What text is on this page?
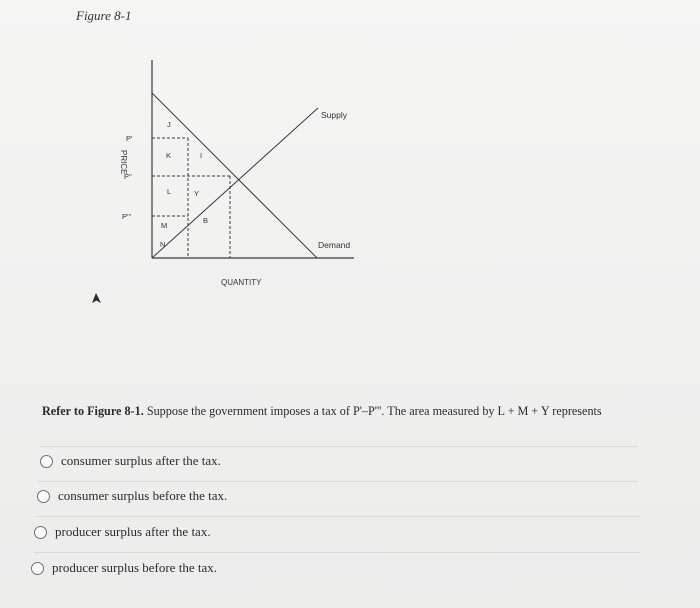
Figure 8-1
PRICE
QUANTITY
P'
P''
P'''
Supply
Demand
J
K	I
L	Y
B
M
N
Refer to Figure 8-1. Suppose the government imposes a tax of P'–P'''. The area measured by L + M + Y represents
consumer surplus after the tax.
consumer surplus before the tax.
producer surplus after the tax.
producer surplus before the tax.
